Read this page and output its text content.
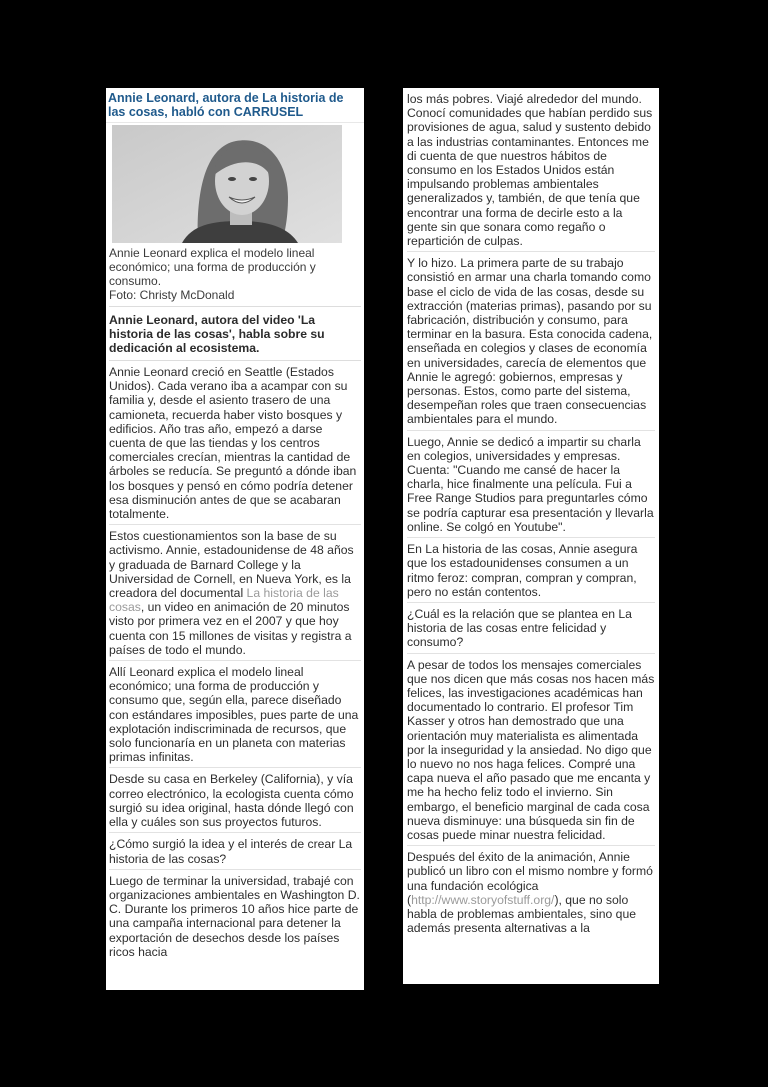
Annie Leonard, autora de La historia de las cosas, habló con CARRUSEL
Annie Leonard explica el modelo lineal económico; una forma de producción y consumo.
Foto: Christy McDonald
Annie Leonard, autora del video 'La historia de las cosas', habla sobre su dedicación al ecosistema.

Annie Leonard creció en Seattle (Estados Unidos). Cada verano iba a acampar con su familia y, desde el asiento trasero de una camioneta, recuerda haber visto bosques y edificios. Año tras año, empezó a darse cuenta de que las tiendas y los centros comerciales crecían, mientras la cantidad de árboles se reducía. Se preguntó a dónde iban los bosques y pensó en cómo podría detener esa disminución antes de que se acabaran totalmente.

Estos cuestionamientos son la base de su activismo. Annie, estadounidense de 48 años y graduada de Barnard College y la Universidad de Cornell, en Nueva York, es la creadora del documental La historia de las cosas, un video en animación de 20 minutos visto por primera vez en el 2007 y que hoy cuenta con 15 millones de visitas y registra a países de todo el mundo.

Allí Leonard explica el modelo lineal económico; una forma de producción y consumo que, según ella, parece diseñado con estándares imposibles, pues parte de una explotación indiscriminada de recursos, que solo funcionaría en un planeta con materias primas infinitas.

Desde su casa en Berkeley (California), y vía correo electrónico, la ecologista cuenta cómo surgió su idea original, hasta dónde llegó con ella y cuáles son sus proyectos futuros.

¿Cómo surgió la idea y el interés de crear La historia de las cosas?

Luego de terminar la universidad, trabajé con organizaciones ambientales en Washington D. C. Durante los primeros 10 años hice parte de una campaña internacional para detener la exportación de desechos desde los países ricos hacia

los más pobres. Viajé alrededor del mundo. Conocí comunidades que habían perdido sus provisiones de agua, salud y sustento debido a las industrias contaminantes. Entonces me di cuenta de que nuestros hábitos de consumo en los Estados Unidos están impulsando problemas ambientales generalizados y, también, de que tenía que encontrar una forma de decirle esto a la gente sin que sonara como regaño o repartición de culpas.

Y lo hizo. La primera parte de su trabajo consistió en armar una charla tomando como base el ciclo de vida de las cosas, desde su extracción (materias primas), pasando por su fabricación, distribución y consumo, para terminar en la basura. Esta conocida cadena, enseñada en colegios y clases de economía en universidades, carecía de elementos que Annie le agregó: gobiernos, empresas y personas. Estos, como parte del sistema, desempeñan roles que traen consecuencias ambientales para el mundo.

Luego, Annie se dedicó a impartir su charla en colegios, universidades y empresas. Cuenta: "Cuando me cansé de hacer la charla, hice finalmente una película. Fui a Free Range Studios para preguntarles cómo se podría capturar esa presentación y llevarla online. Se colgó en Youtube".

En La historia de las cosas, Annie asegura que los estadounidenses consumen a un ritmo feroz: compran, compran y compran, pero no están contentos.

¿Cuál es la relación que se plantea en La historia de las cosas entre felicidad y consumo?

A pesar de todos los mensajes comerciales que nos dicen que más cosas nos hacen más felices, las investigaciones académicas han documentado lo contrario. El profesor Tim Kasser y otros han demostrado que una orientación muy materialista es alimentada por la inseguridad y la ansiedad. No digo que lo nuevo no nos haga felices. Compré una capa nueva el año pasado que me encanta y me ha hecho feliz todo el invierno. Sin embargo, el beneficio marginal de cada cosa nueva disminuye: una búsqueda sin fin de cosas puede minar nuestra felicidad.

Después del éxito de la animación, Annie publicó un libro con el mismo nombre y formó una fundación ecológica (http://www.storyofstuff.org/), que no solo habla de problemas ambientales, sino que además presenta alternativas a la
